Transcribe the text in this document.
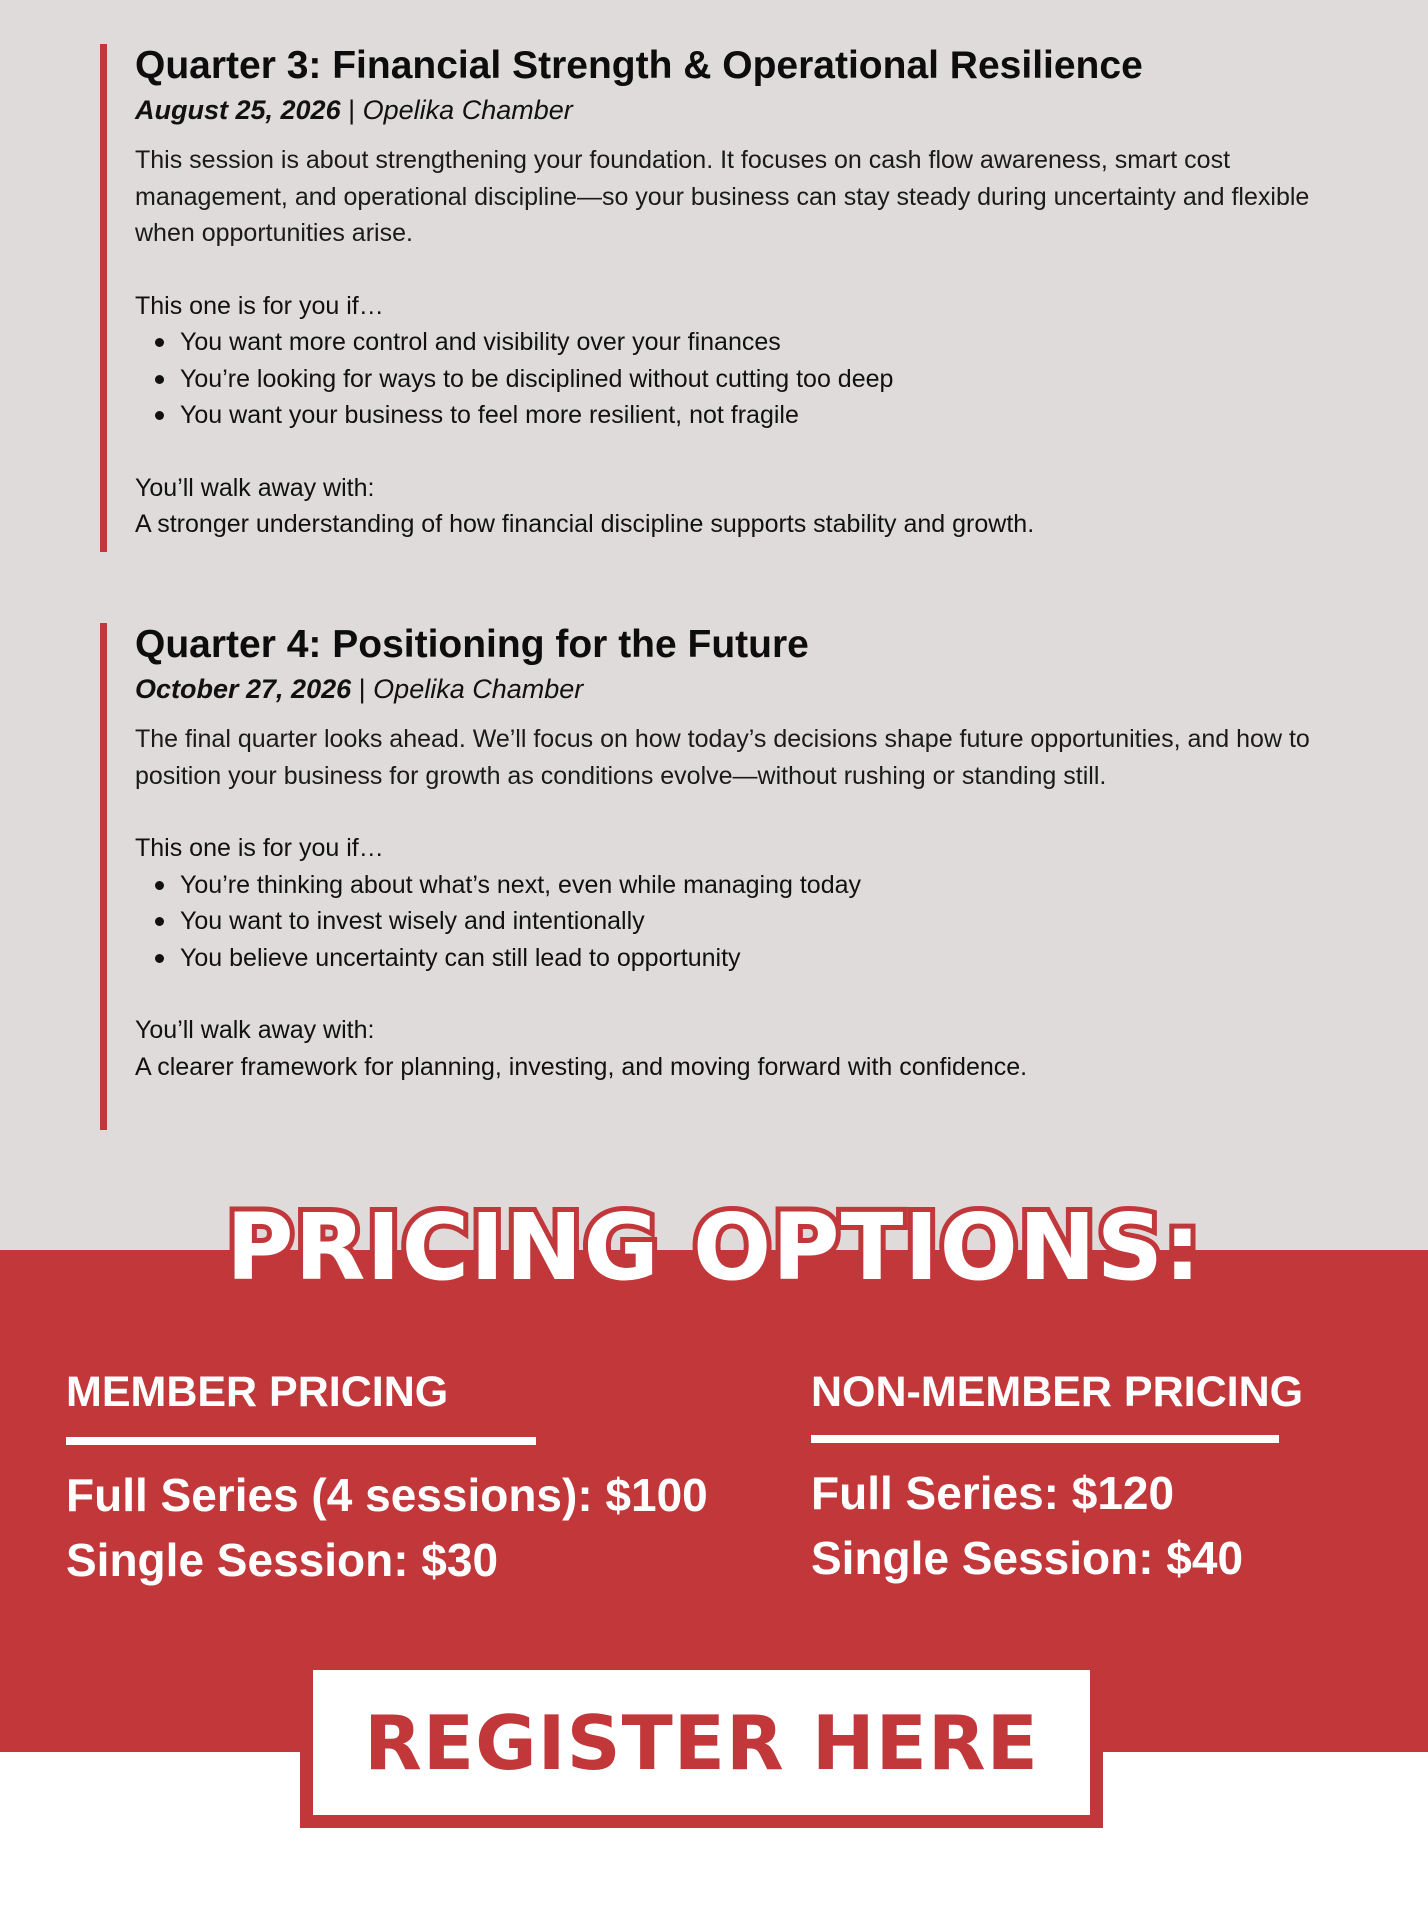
Quarter 3: Financial Strength & Operational Resilience
August 25, 2026 | Opelika Chamber

This session is about strengthening your foundation. It focuses on cash flow awareness, smart cost management, and operational discipline—so your business can stay steady during uncertainty and flexible when opportunities arise.

This one is for you if…

You want more control and visibility over your finances
You’re looking for ways to be disciplined without cutting too deep
You want your business to feel more resilient, not fragile

You’ll walk away with:

A stronger understanding of how financial discipline supports stability and growth.

Quarter 4: Positioning for the Future
October 27, 2026 | Opelika Chamber

The final quarter looks ahead. We’ll focus on how today’s decisions shape future opportunities, and how to position your business for growth as conditions evolve—without rushing or standing still.

This one is for you if…

You’re thinking about what’s next, even while managing today
You want to invest wisely and intentionally
You believe uncertainty can still lead to opportunity

You’ll walk away with:

A clearer framework for planning, investing, and moving forward with confidence.

PRICING OPTIONS:
MEMBER PRICING

Full Series (4 sessions): $100

Single Session: $30

NON-MEMBER PRICING

Full Series: $120

Single Session: $40

REGISTER HERE
